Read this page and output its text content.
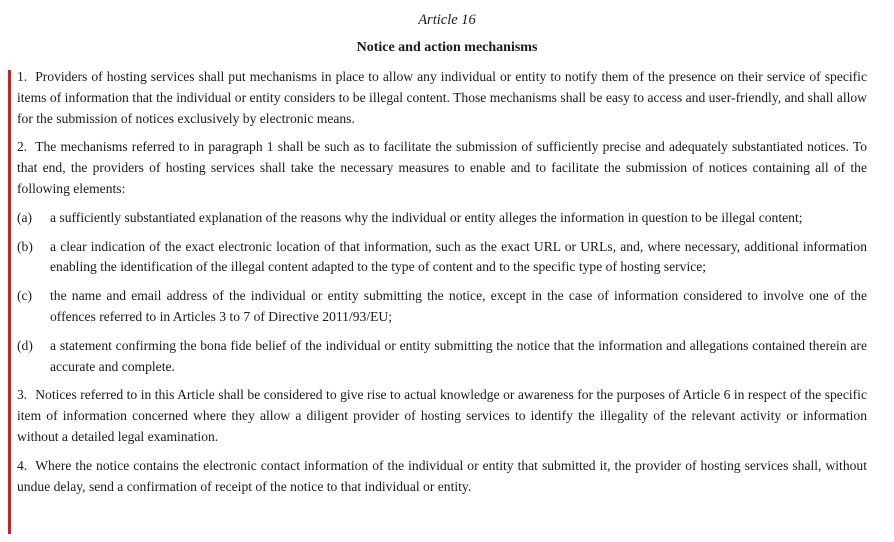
Article 16
Notice and action mechanisms

1. Providers of hosting services shall put mechanisms in place to allow any individual or entity to notify them of the presence on their service of specific items of information that the individual or entity considers to be illegal content. Those mechanisms shall be easy to access and user-friendly, and shall allow for the submission of notices exclusively by electronic means.

2. The mechanisms referred to in paragraph 1 shall be such as to facilitate the submission of sufficiently precise and adequately substantiated notices. To that end, the providers of hosting services shall take the necessary measures to enable and to facilitate the submission of notices containing all of the following elements:

(a)	a sufficiently substantiated explanation of the reasons why the individual or entity alleges the information in question to be illegal content;
(b)	a clear indication of the exact electronic location of that information, such as the exact URL or URLs, and, where necessary, additional information enabling the identification of the illegal content adapted to the type of content and to the specific type of hosting service;
(c)	the name and email address of the individual or entity submitting the notice, except in the case of information considered to involve one of the offences referred to in Articles 3 to 7 of Directive 2011/93/EU;
(d)	a statement confirming the bona fide belief of the individual or entity submitting the notice that the information and allegations contained therein are accurate and complete.

3. Notices referred to in this Article shall be considered to give rise to actual knowledge or awareness for the purposes of Article 6 in respect of the specific item of information concerned where they allow a diligent provider of hosting services to identify the illegality of the relevant activity or information without a detailed legal examination.

4. Where the notice contains the electronic contact information of the individual or entity that submitted it, the provider of hosting services shall, without undue delay, send a confirmation of receipt of the notice to that individual or entity.
